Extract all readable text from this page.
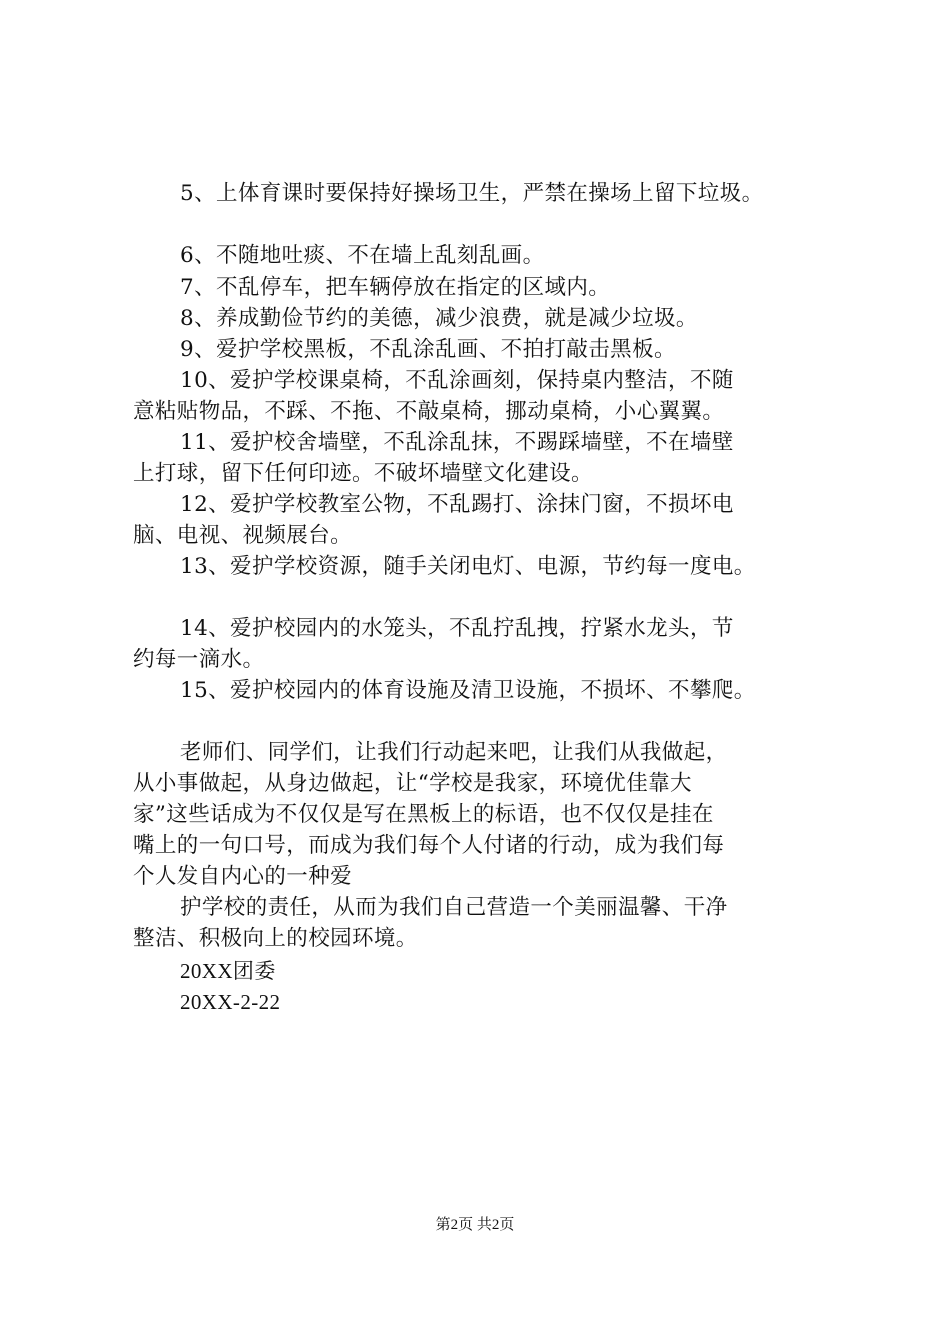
5、上体育课时要保持好操场卫生，严禁在操场上留下垃圾。
6、不随地吐痰、不在墙上乱刻乱画。
7、不乱停车，把车辆停放在指定的区域内。
8、养成勤俭节约的美德，减少浪费，就是减少垃圾。
9、爱护学校黑板，不乱涂乱画、不拍打敲击黑板。
10、爱护学校课桌椅，不乱涂画刻，保持桌内整洁，不随
意粘贴物品，不踩、不拖、不敲桌椅，挪动桌椅，小心翼翼。
11、爱护校舍墙壁，不乱涂乱抹，不踢踩墙壁，不在墙壁
上打球，留下任何印迹。不破坏墙壁文化建设。
12、爱护学校教室公物，不乱踢打、涂抹门窗，不损坏电
脑、电视、视频展台。
13、爱护学校资源，随手关闭电灯、电源，节约每一度电。
14、爱护校园内的水笼头，不乱拧乱拽，拧紧水龙头，节
约每一滴水。
15、爱护校园内的体育设施及清卫设施，不损坏、不攀爬。
老师们、同学们，让我们行动起来吧，让我们从我做起，
从小事做起，从身边做起，让“学校是我家，环境优佳靠大
家”这些话成为不仅仅是写在黑板上的标语，也不仅仅是挂在
嘴上的一句口号，而成为我们每个人付诸的行动，成为我们每
个人发自内心的一种爱
护学校的责任，从而为我们自己营造一个美丽温馨、干净
整洁、积极向上的校园环境。
20XX团委
20XX-2-22
第2页 共2页
